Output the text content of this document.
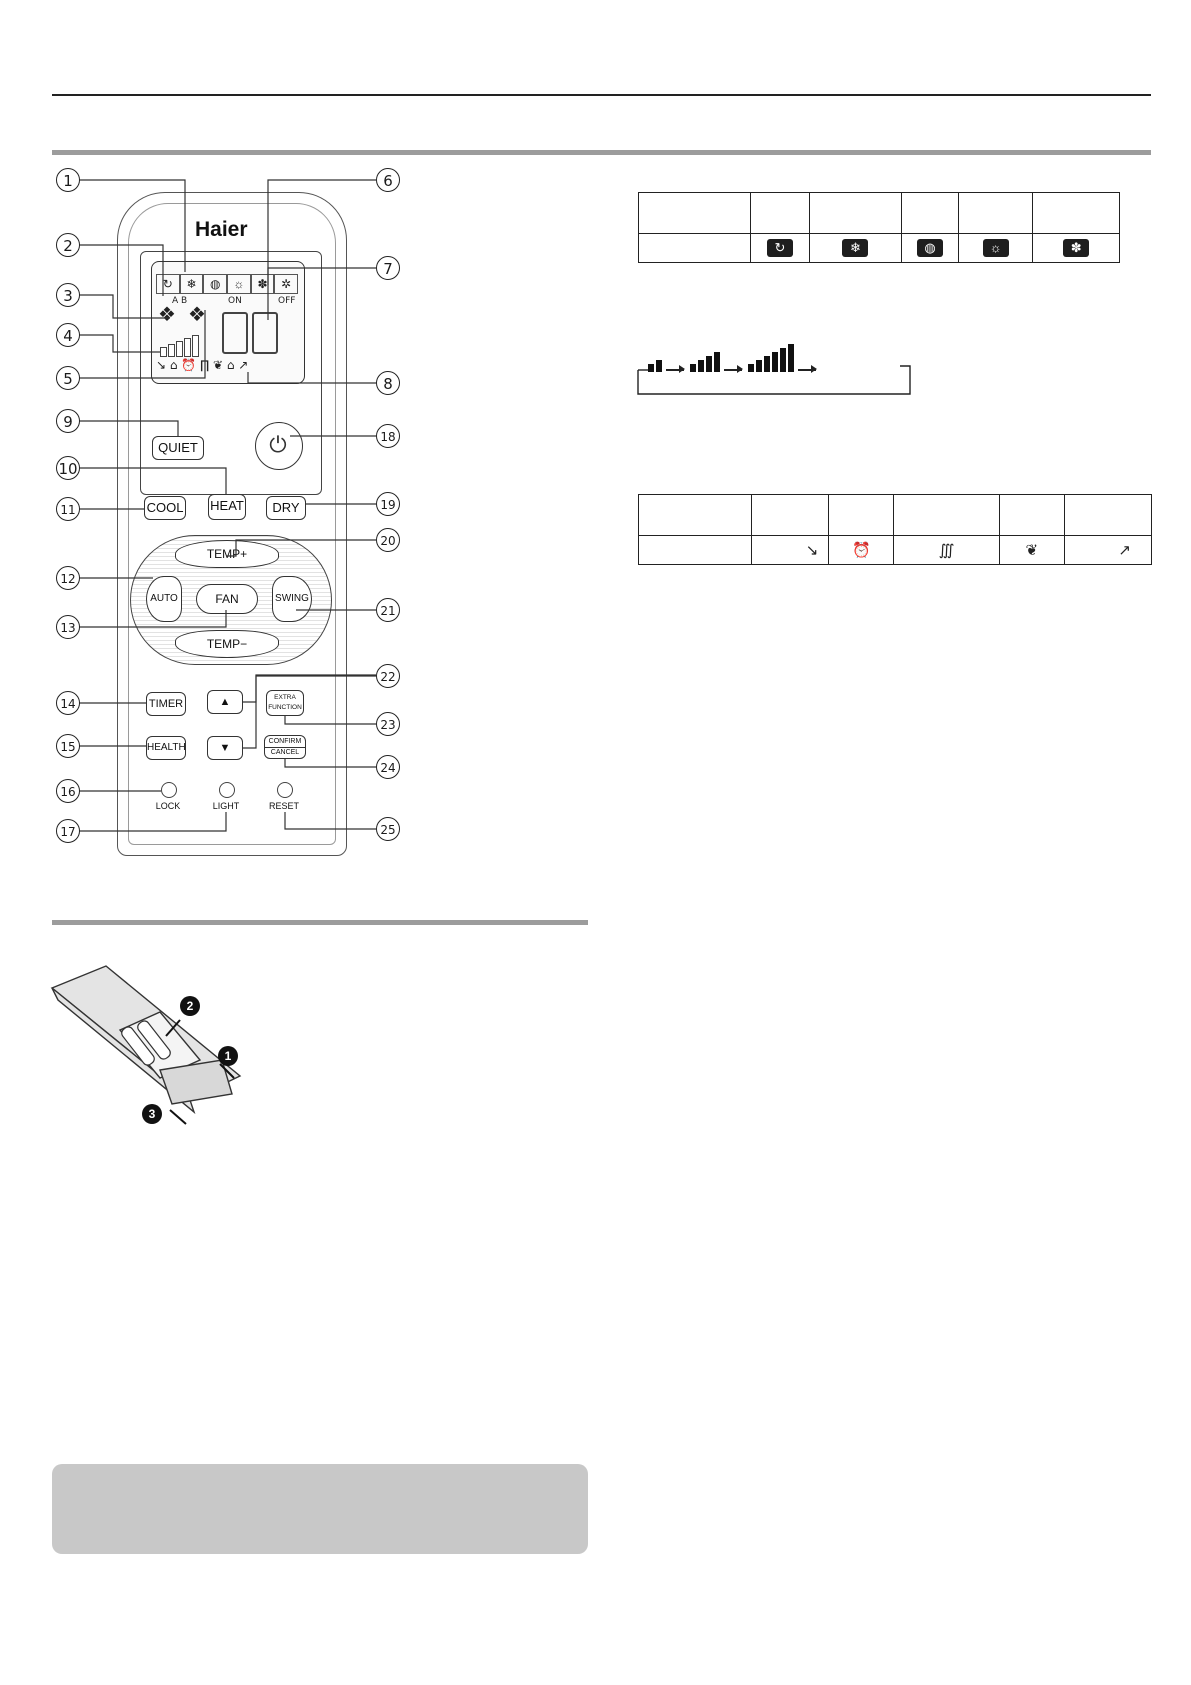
Haier
↻	❄	◍	☼	✽	✲
A B	ON	OFF
❖ ❖
↘ ⌂ ⏰ ∏ ❦ ⌂ ↗
QUIET	⏻
COOL HEAT	DRY
TEMP+
TEMP−
AUTO	SWING
FAN
TIMER
HEALTH
▲
▼
EXTRA FUNCTION
CONFIRM
CANCEL
LOCK	LIGHT	RESET
1
2
3
4
5
6
7
8
9
10
11
12
13
14
15
16
17
18
19
20
21
22
23
24
25

	↻	❄	◍	☼	✽

	↘	⏰	∭	❦	↗
2
1
3
